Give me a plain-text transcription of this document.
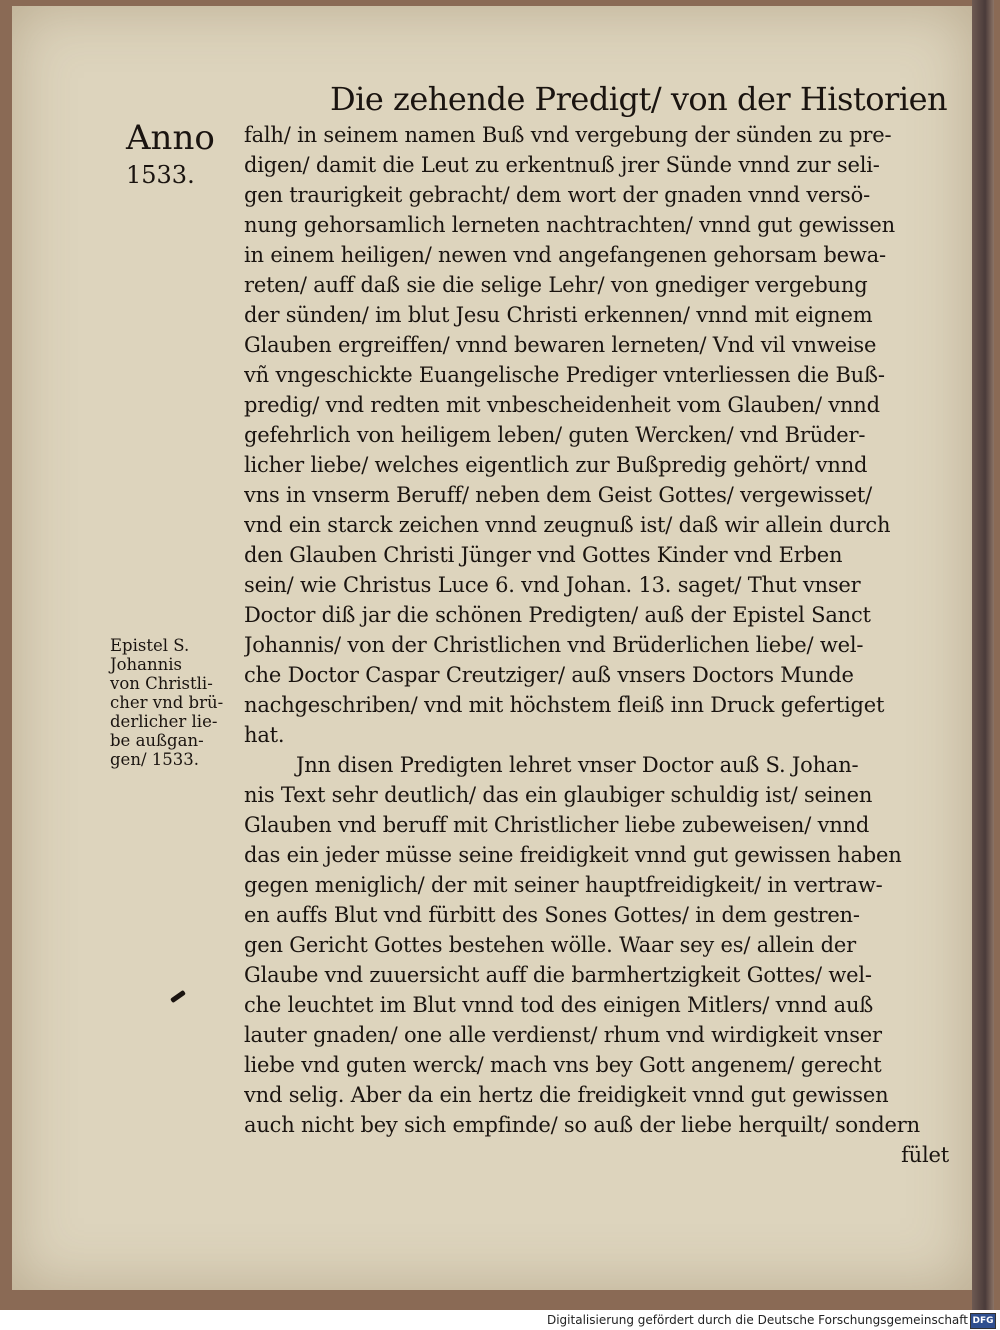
Die zehende Predigt/ von der Historien
Anno
1533.
Epistel S.
Johannis
von Christli-
cher vnd brü-
derlicher lie-
be außgan-
gen/ 1533.
falh/ in seinem namen Buß vnd vergebung der sünden zu pre-
digen/ damit die Leut zu erkentnuß jrer Sünde vnnd zur seli-
gen traurigkeit gebracht/ dem wort der gnaden vnnd versö-
nung gehorsamlich lerneten nachtrachten/ vnnd gut gewissen
in einem heiligen/ newen vnd angefangenen gehorsam bewa-
reten/ auff daß sie die selige Lehr/ von gnediger vergebung
der sünden/ im blut Jesu Christi erkennen/ vnnd mit eignem
Glauben ergreiffen/ vnnd bewaren lerneten/ Vnd vil vnweise
vñ vngeschickte Euangelische Prediger vnterliessen die Buß-
predig/ vnd redten mit vnbescheidenheit vom Glauben/ vnnd
gefehrlich von heiligem leben/ guten Wercken/ vnd Brüder-
licher liebe/ welches eigentlich zur Bußpredig gehört/ vnnd
vns in vnserm Beruff/ neben dem Geist Gottes/ vergewisset/
vnd ein starck zeichen vnnd zeugnuß ist/ daß wir allein durch
den Glauben Christi Jünger vnd Gottes Kinder vnd Erben
sein/ wie Christus Luce 6. vnd Johan. 13. saget/ Thut vnser
Doctor diß jar die schönen Predigten/ auß der Epistel Sanct
Johannis/ von der Christlichen vnd Brüderlichen liebe/ wel-
che Doctor Caspar Creutziger/ auß vnsers Doctors Munde
nachgeschriben/ vnd mit höchstem fleiß inn Druck gefertiget
hat.
Jnn disen Predigten lehret vnser Doctor auß S. Johan-
nis Text sehr deutlich/ das ein glaubiger schuldig ist/ seinen
Glauben vnd beruff mit Christlicher liebe zubeweisen/ vnnd
das ein jeder müsse seine freidigkeit vnnd gut gewissen haben
gegen meniglich/ der mit seiner hauptfreidigkeit/ in vertraw-
en auffs Blut vnd fürbitt des Sones Gottes/ in dem gestren-
gen Gericht Gottes bestehen wölle. Waar sey es/ allein der
Glaube vnd zuuersicht auff die barmhertzigkeit Gottes/ wel-
che leuchtet im Blut vnnd tod des einigen Mitlers/ vnnd auß
lauter gnaden/ one alle verdienst/ rhum vnd wirdigkeit vnser
liebe vnd guten werck/ mach vns bey Gott angenem/ gerecht
vnd selig. Aber da ein hertz die freidigkeit vnnd gut gewissen
auch nicht bey sich empfinde/ so auß der liebe herquilt/ sondern
fület
Digitalisierung gefördert durch die Deutsche Forschungsgemeinschaft DFG
